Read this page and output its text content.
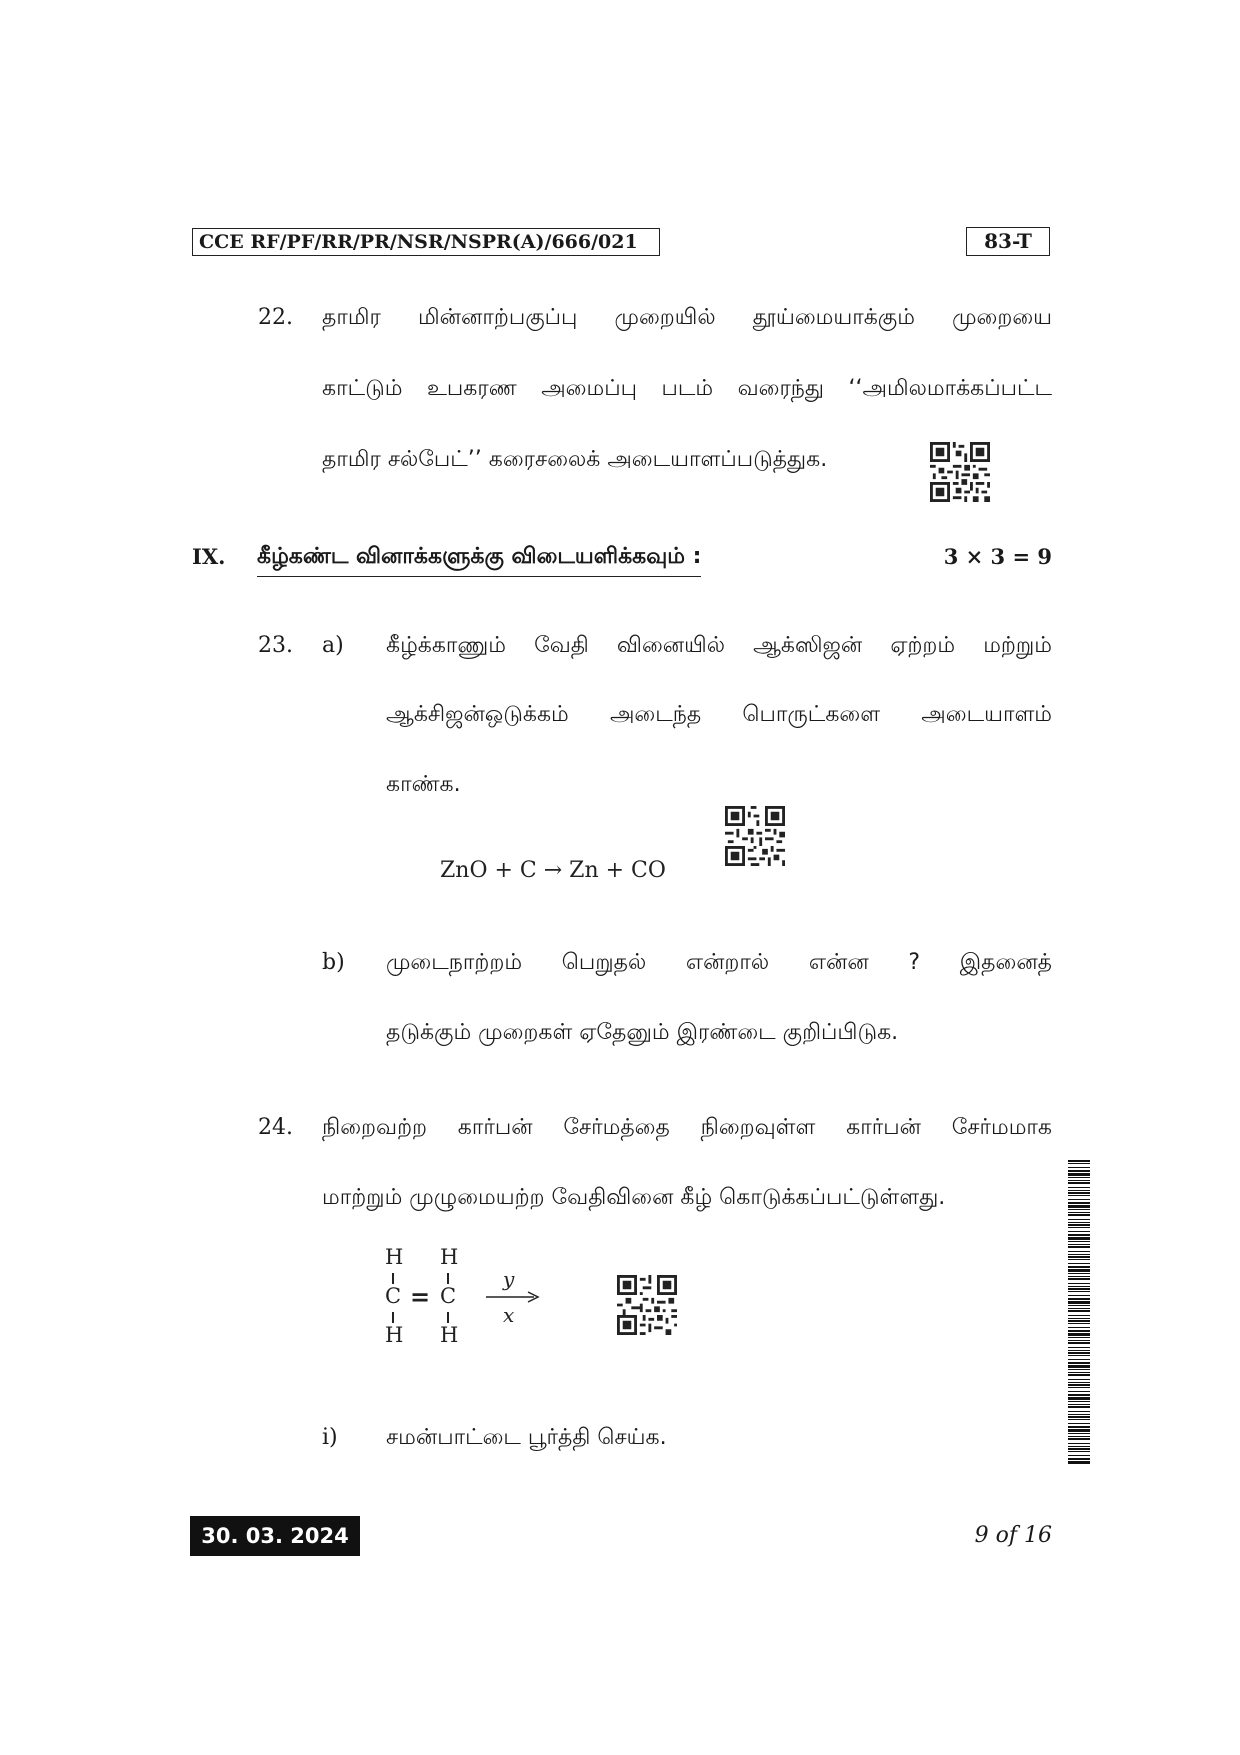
CCE RF/PF/RR/PR/NSR/NSPR(A)/666/021	83-T
22. தாமிர மின்னாற்பகுப்பு முறையில் தூய்மையாக்கும் முறையை
காட்டும் உபகரண அமைப்பு படம் வரைந்து ‘‘அமிலமாக்கப்பட்ட
தாமிர சல்பேட்’’ கரைசலைக் அடையாளப்படுத்துக.
IX. கீழ்கண்ட வினாக்களுக்கு விடையளிக்கவும் :	3 × 3 = 9
23. a) கீழ்க்காணும் வேதி வினையில் ஆக்ஸிஜன் ஏற்றம் மற்றும்
ஆக்சிஜன்ஒடுக்கம் அடைந்த பொருட்களை அடையாளம்
காண்க.
ZnO + C → Zn + CO
b) முடைநாற்றம் பெறுதல் என்றால் என்ன ? இதனைத்
தடுக்கும் முறைகள் ஏதேனும் இரண்டை குறிப்பிடுக.
24. நிறைவற்ற கார்பன் சேர்மத்தை நிறைவுள்ள கார்பன் சேர்மமாக
மாற்றும் முழுமையற்ற வேதிவினை கீழ் கொடுக்கப்பட்டுள்ளது.
H H
C = C
H H
y
x
i) சமன்பாட்டை பூர்த்தி செய்க.
30. 03. 2024	9 of 16
